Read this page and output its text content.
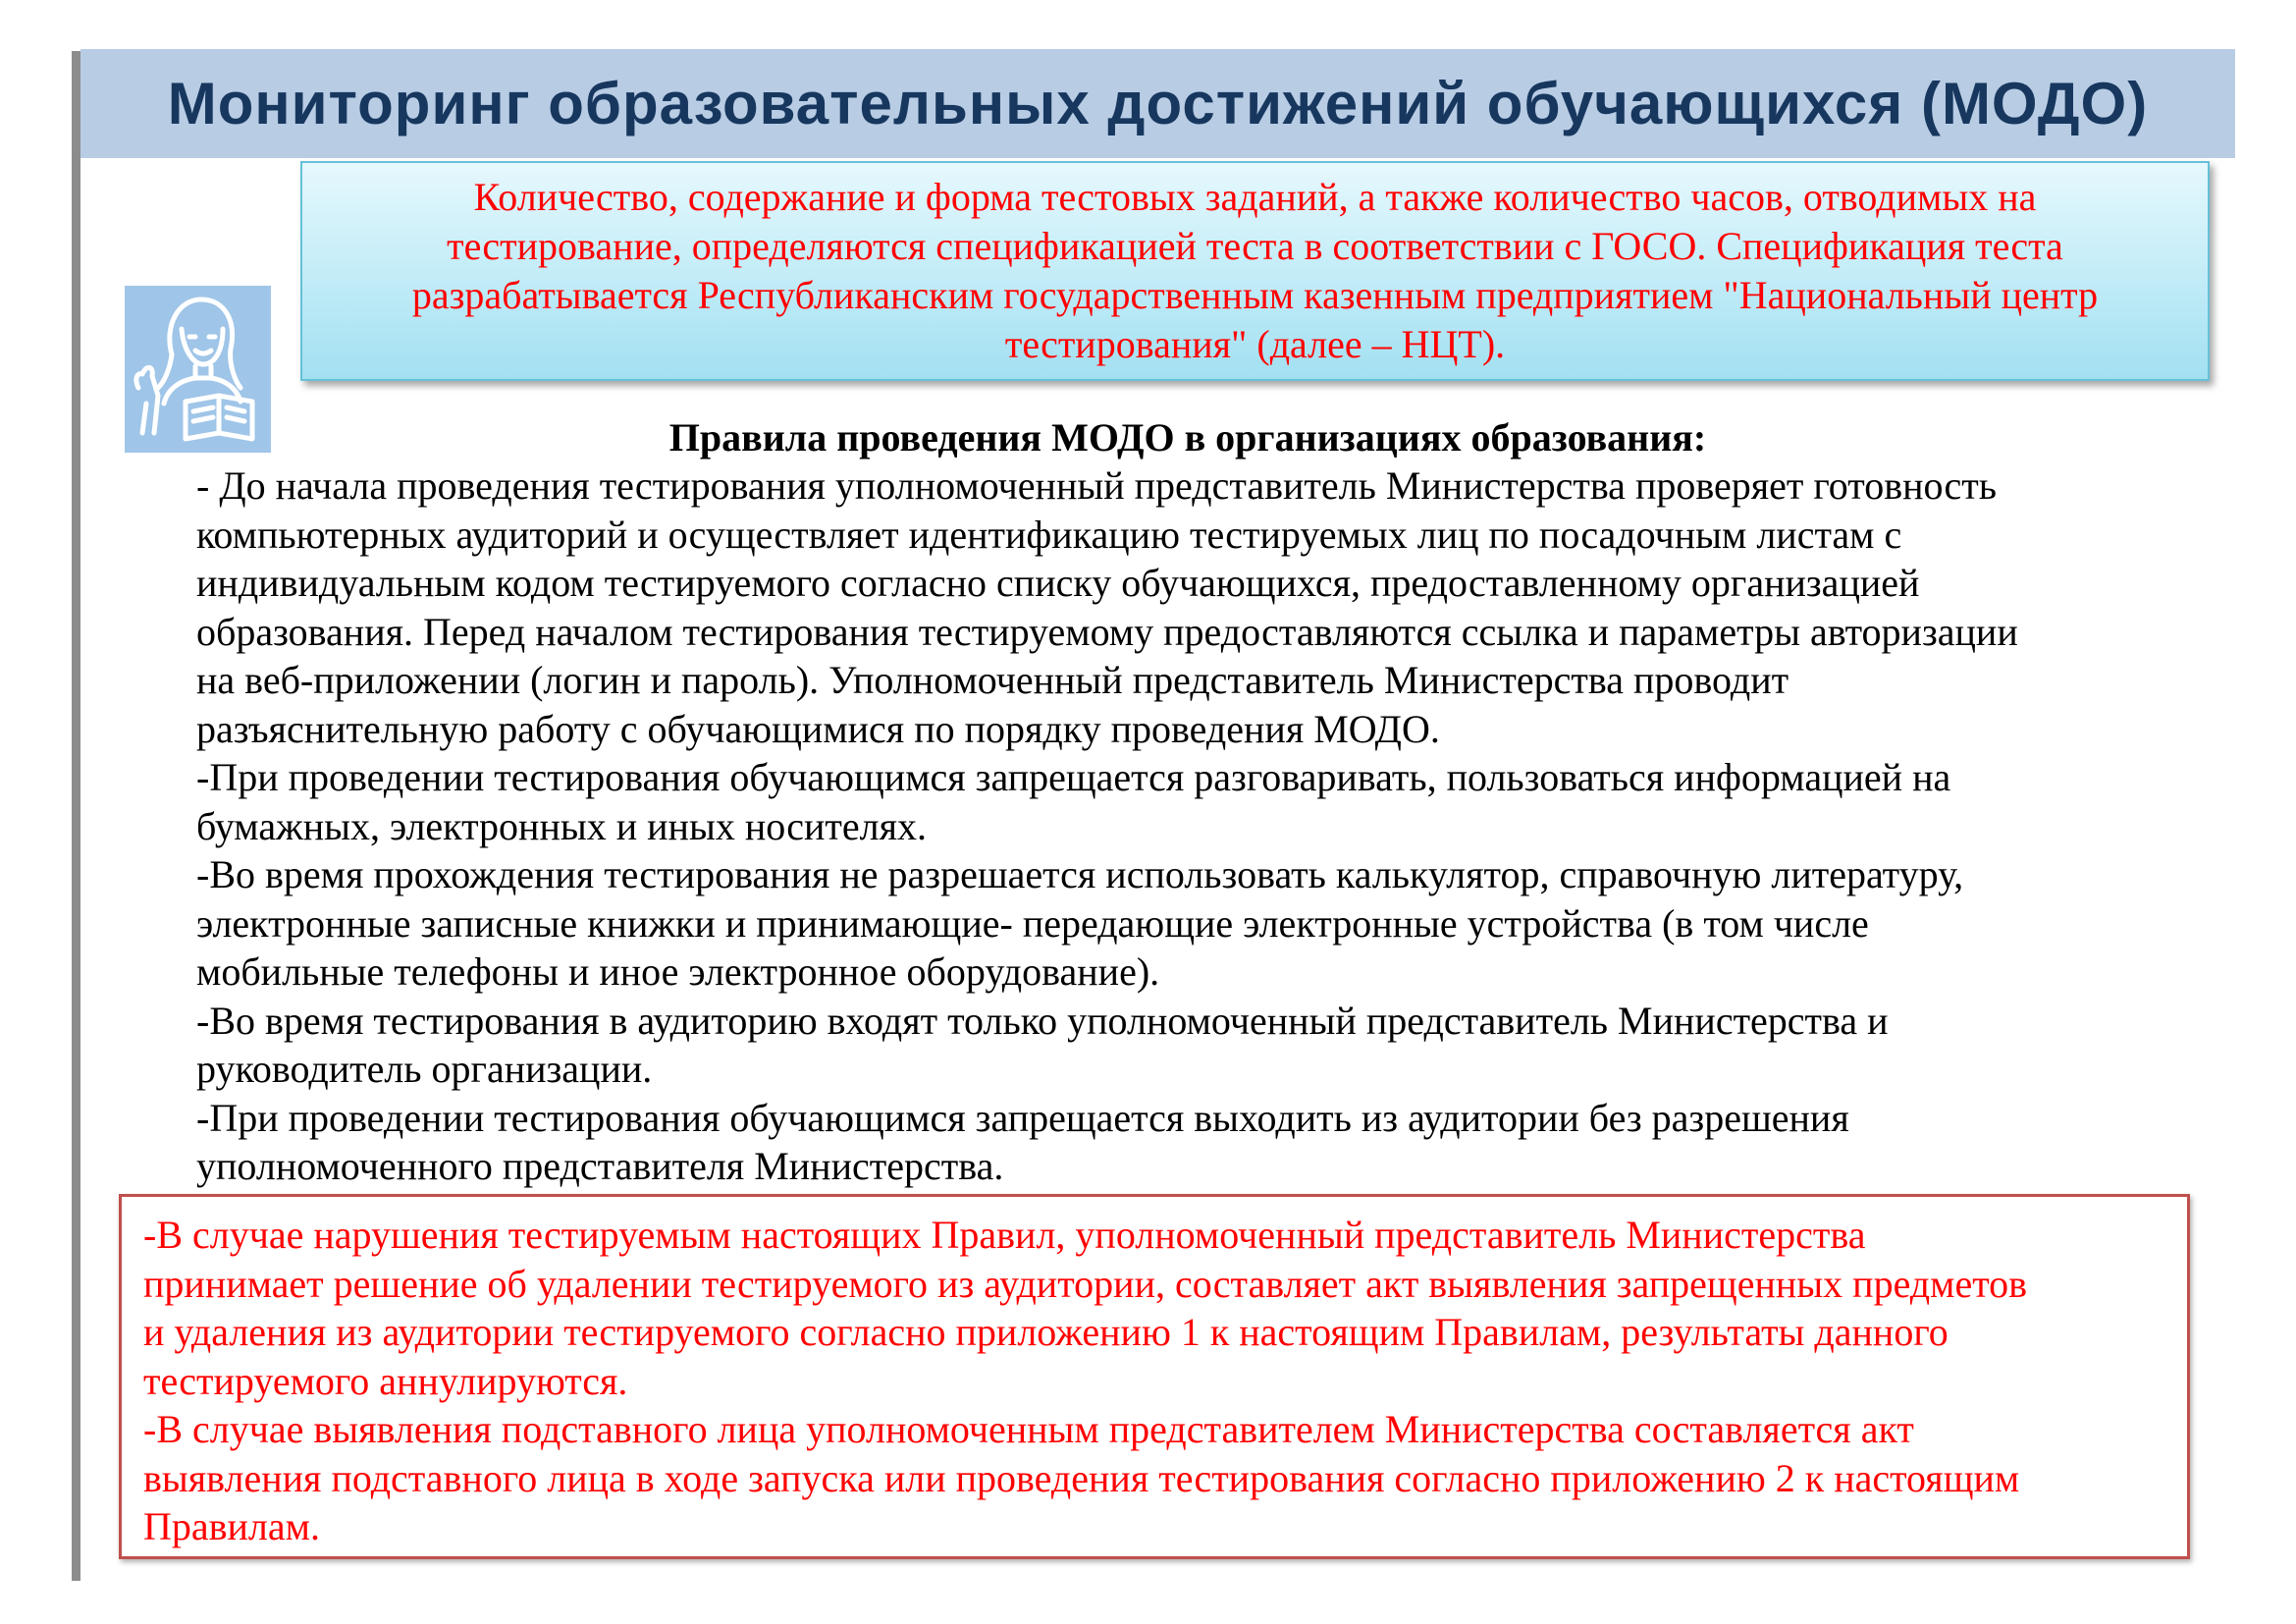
Мониторинг образовательных достижений обучающихся (МОДО)

Количество, содержание и форма тестовых заданий, а также количество часов, отводимых на
тестирование, определяются спецификацией теста в соответствии с ГОСО. Спецификация теста
разрабатывается Республиканским государственным казенным предприятием "Национальный центр
тестирования" (далее – НЦТ).

Правила проведения МОДО в организациях образования:

- До начала проведения тестирования уполномоченный представитель Министерства проверяет готовность
компьютерных аудиторий и осуществляет идентификацию тестируемых лиц по посадочным листам с
индивидуальным кодом тестируемого согласно списку обучающихся, предоставленному организацией
образования. Перед началом тестирования тестируемому предоставляются ссылка и параметры авторизации
на веб-приложении (логин и пароль). Уполномоченный представитель Министерства проводит
разъяснительную работу с обучающимися по порядку проведения МОДО.

-При проведении тестирования обучающимся запрещается разговаривать, пользоваться информацией на
бумажных, электронных и иных носителях.

-Во время прохождения тестирования не разрешается использовать калькулятор, справочную литературу,
электронные записные книжки и принимающие- передающие электронные устройства (в том числе
мобильные телефоны и иное электронное оборудование).

-Во время тестирования в аудиторию входят только уполномоченный представитель Министерства и
руководитель организации.

-При проведении тестирования обучающимся запрещается выходить из аудитории без разрешения
уполномоченного представителя Министерства.

-В случае нарушения тестируемым настоящих Правил, уполномоченный представитель Министерства
принимает решение об удалении тестируемого из аудитории, составляет акт выявления запрещенных предметов
и удаления из аудитории тестируемого согласно приложению 1 к настоящим Правилам, результаты данного
тестируемого аннулируются.

-В случае выявления подставного лица уполномоченным представителем Министерства составляется акт
выявления подставного лица в ходе запуска или проведения тестирования согласно приложению 2 к настоящим
Правилам.
